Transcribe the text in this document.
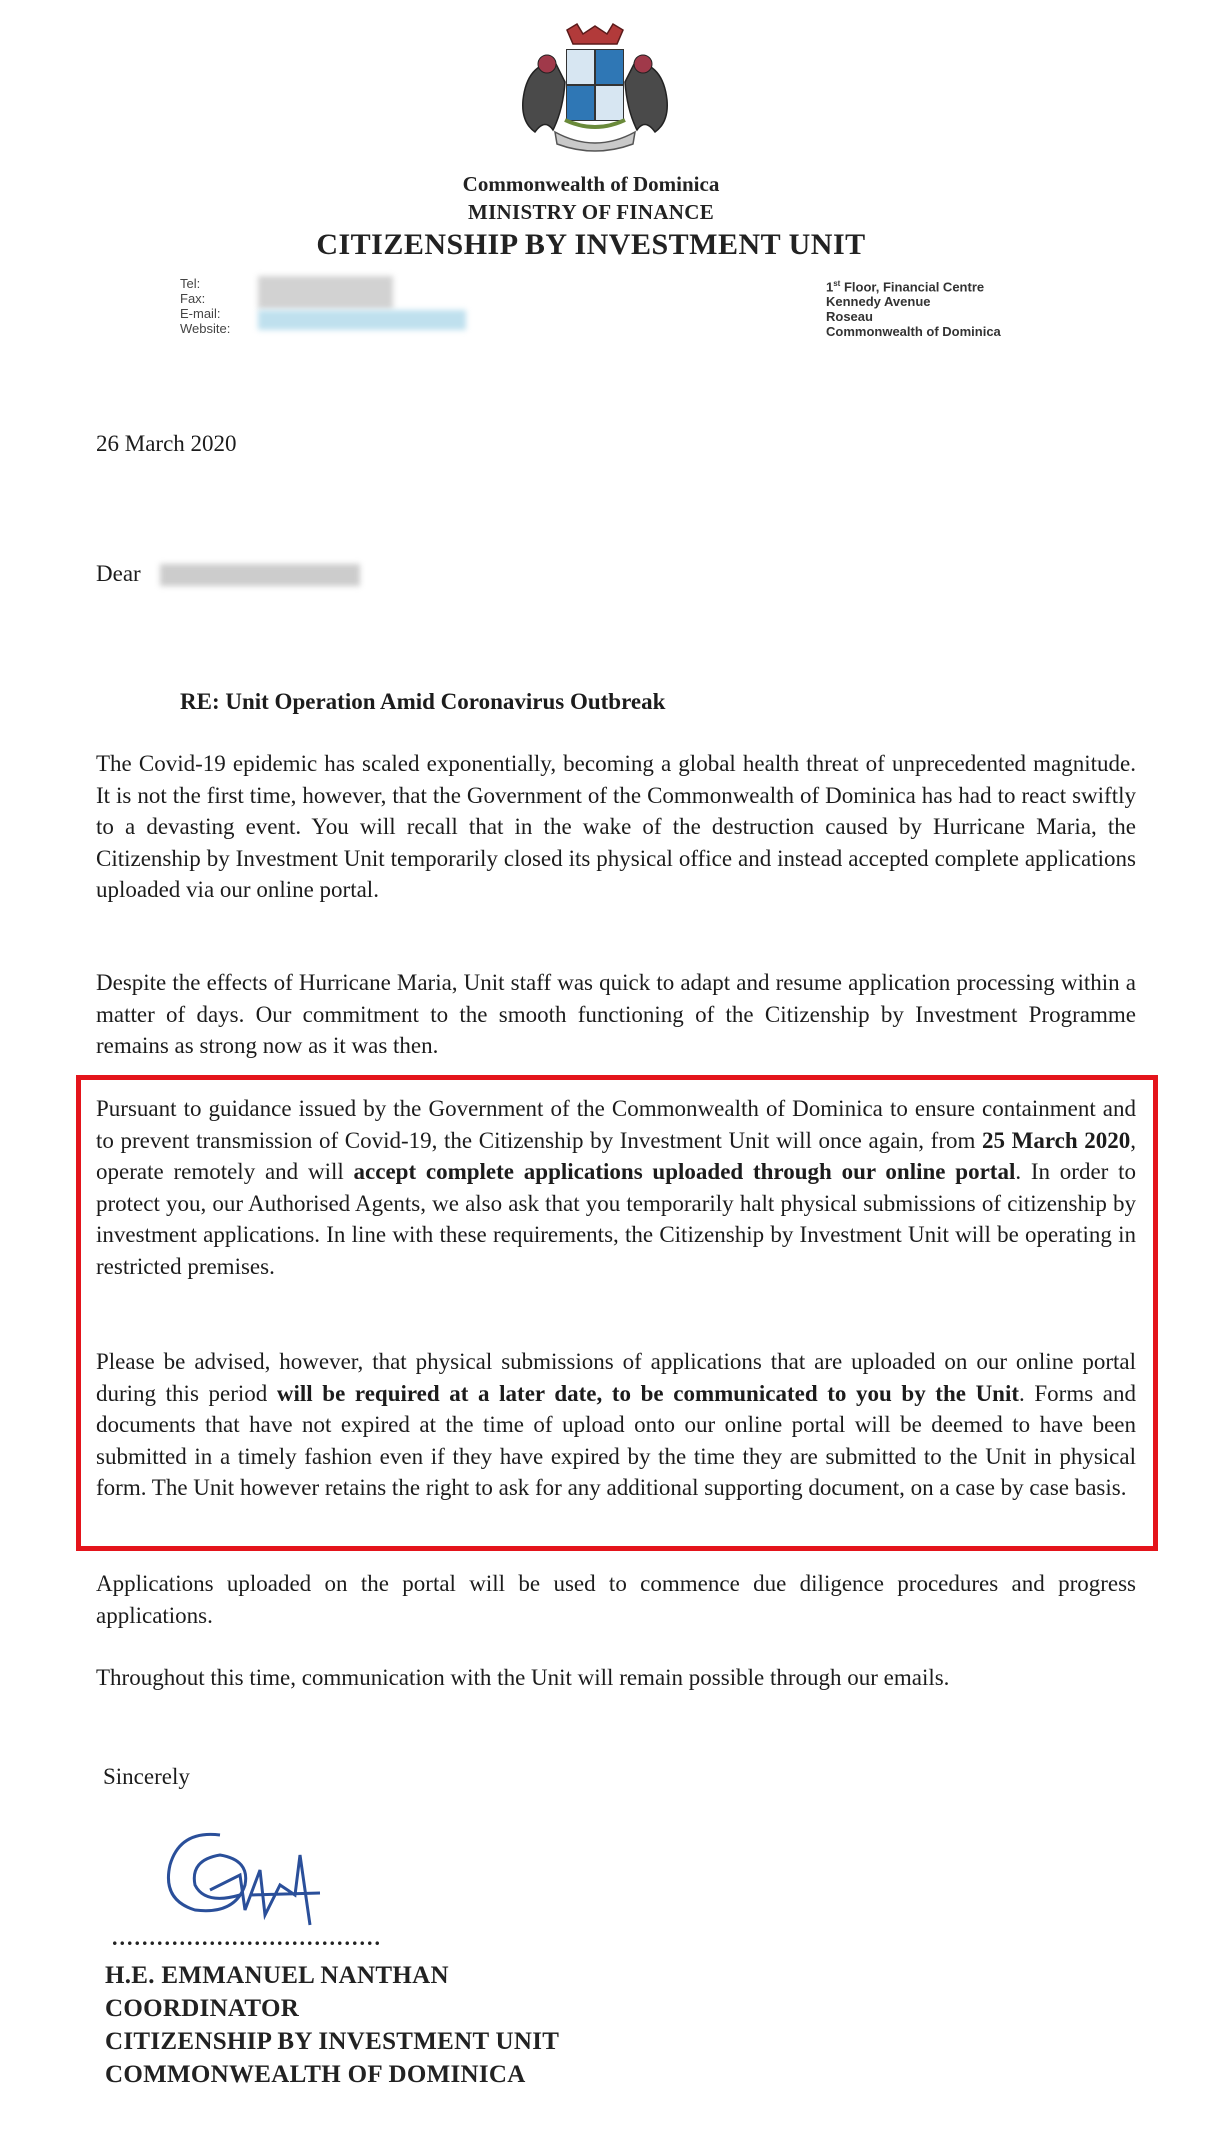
Commonwealth of Dominica
MINISTRY OF FINANCE
CITIZENSHIP BY INVESTMENT UNIT
Tel:
Fax:
E-mail:
Website:
1st Floor, Financial Centre
Kennedy Avenue
Roseau
Commonwealth of Dominica
26 March 2020
Dear
RE: Unit Operation Amid Coronavirus Outbreak
The Covid-19 epidemic has scaled exponentially, becoming a global health threat of unprecedented magnitude. It is not the first time, however, that the Government of the Commonwealth of Dominica has had to react swiftly to a devasting event. You will recall that in the wake of the destruction caused by Hurricane Maria, the Citizenship by Investment Unit temporarily closed its physical office and instead accepted complete applications uploaded via our online portal.
Despite the effects of Hurricane Maria, Unit staff was quick to adapt and resume application processing within a matter of days. Our commitment to the smooth functioning of the Citizenship by Investment Programme remains as strong now as it was then.
Pursuant to guidance issued by the Government of the Commonwealth of Dominica to ensure containment and to prevent transmission of Covid-19, the Citizenship by Investment Unit will once again, from 25 March 2020, operate remotely and will accept complete applications uploaded through our online portal. In order to protect you, our Authorised Agents, we also ask that you temporarily halt physical submissions of citizenship by investment applications. In line with these requirements, the Citizenship by Investment Unit will be operating in restricted premises.
Please be advised, however, that physical submissions of applications that are uploaded on our online portal during this period will be required at a later date, to be communicated to you by the Unit. Forms and documents that have not expired at the time of upload onto our online portal will be deemed to have been submitted in a timely fashion even if they have expired by the time they are submitted to the Unit in physical form. The Unit however retains the right to ask for any additional supporting document, on a case by case basis.
Applications uploaded on the portal will be used to commence due diligence procedures and progress applications.
Throughout this time, communication with the Unit will remain possible through our emails.
Sincerely
....................................
H.E. EMMANUEL NANTHAN
COORDINATOR
CITIZENSHIP BY INVESTMENT UNIT
COMMONWEALTH OF DOMINICA
